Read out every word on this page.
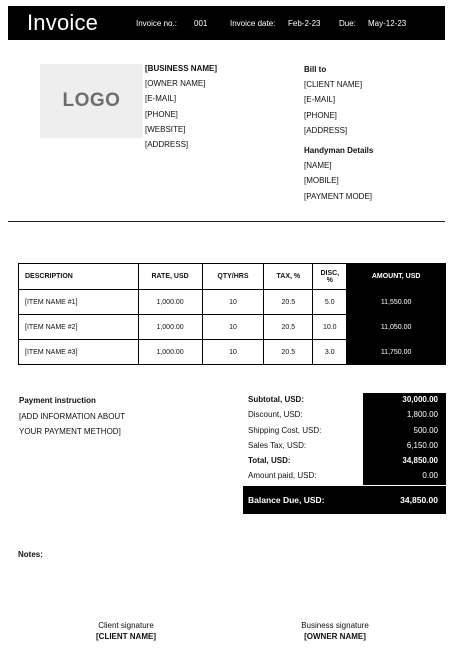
Invoice	Invoice no.: 001	Invoice date: Feb-2-23 Due: May-12-23
LOGO
[BUSINESS NAME]
[OWNER NAME]
[E-MAIL]
[PHONE]
[WEBSITE]
[ADDRESS]
Bill to
[CLIENT NAME]
[E-MAIL]
[PHONE]
[ADDRESS]
Handyman Details
[NAME]
[MOBILE]
[PAYMENT MODE]
DESCRIPTION	RATE, USD	QTY/HRS	TAX, %	DISC, %	AMOUNT, USD
[ITEM NAME #1]	1,000.00	10	20.5	5.0	11,550.00
[ITEM NAME #2]	1,000.00	10	20.5	10.0	11,050.00
[ITEM NAME #3]	1,000.00	10	20.5	3.0	11,750.00
Payment instruction
[ADD INFORMATION ABOUT
YOUR PAYMENT METHOD]
Subtotal, USD:	30,000.00
Discount, USD:	1,800.00
Shipping Cost, USD:	500.00
Sales Tax, USD:	6,150.00
Total, USD:	34,850.00
Amount paid, USD:	0.00
Balance Due, USD:	34,850.00
Notes:
Client signature
[CLIENT NAME]
Business signature
[OWNER NAME]
